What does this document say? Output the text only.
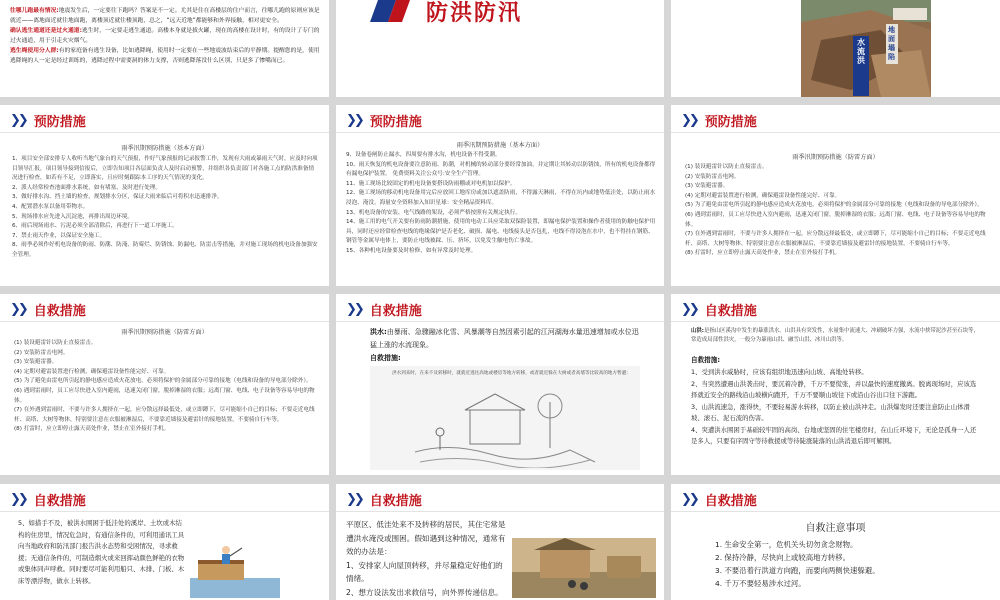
往哪儿跑最有情况:地震发生后，一定要往下跑吗？答案是不一定。尤其是住在高楼层的住户而言，往哪儿跑的原则应该是就近——离地面近就往地面跑，离楼顶近就往楼顶跑，总之，“远天近地”都能够和外界接触，相对更安全。

确认逃生通道还是过火通道:逃生时，一定要走逃生通道。高楼本身就是拔火罐，现在的高楼在设计时，有的设计了专门的过火通道，用于引走火灾烟气。

逃生绳使用分人群:有的家庭备有逃生设备，比如逃降绳，使用时一定要在一些地震波结束后的平静期。提醒您的是，使用逃降绳的人一定是经过训练的，逃降过程中需要洞的体力支撑，否则逃降落没什么区别，只是多了惨嘴而已。

防洪防汛
水流洪
地面塌陷
❯❯ 预防措施
雨季汛期预防措施（基本方面）

1、项目安全部安排专人收听当地气象台的天气预报，作好气象预报的记录报警工作，发现有大雨或暴雨天气时，应及时向项目领导汇报，项目领导接到信报后，立即告知项目各层面负责人及时启动预警，并组织各负责部门对各施工点的防洪准备情况进行检查，如若有不足，立即落实，且应时刻跟踪本工序的天气情况的变化。

2、派人经常检查池面排水系统，如有堵塞，及时进行处理。

3、做好排水沟、挡土墙的检查，规划排水分区，保证大雨来临后可将积水迅速排净。

4、配置潜水泵以备用带物水。

5、现场排水应先进入沉淀池，再排出周边环境。

6、雨后现场雨水、污泥必须全部清除后，再进行下一道工序施工。

7、禁止雨天作业，以保证安全施工。

8、雨季必须作好机电设备的防雨、防潮、防淹、防霉烂、防锈蚀、防漏电、防雷击等措施，并对施工现场的机电设备加强安全管理。

❯❯ 预防措施
雨季汛期预防措施（基本方面）

9、设备卷闸防止漏水，四周要有排水沟，机电设备不得受潮。

10、雨天恢复的机电设备要注意防雨、防潮，对机械的转动部分要经常加油，并定期让其转动以防锈蚀，所有的机电设备都得有漏电保护装置。 免费资料关注公众号:安全生产管理。

11、施工现场比较固定的机电设备要搭设防雨棚或对电机加以保护。

12、施工现场的移动机电设备用完后应放回工地库房或加以遮盖防雨，不得露天淋雨，不得在坑内或地势低洼处，以防止雨水浸泡、淹没。海量安全资料加入知识星球：安全精品资料库。

13、机电设备的安装、电气线路的架设，必须严格按照有关规定执行。

14、施工用的电气开关要有防雨防潮措施，使用的电动工具应采取双保险装置，即漏电保护装置和操作者使用的防触电保护用具，同时还应经常检查电线的绝缘保护是否老化、破损、漏电、电线接头是否包扎，电线不得浸泡在水中，也不得挂在钢筋、钢管等金属导电体上，要防止电线被踩、压、挤坏，以免发生触电伤亡事故。

15、各种机电设备要及时检修，如有异常及时处理。

❯❯ 预防措施
雨季汛期预防措施（防雷方面）

(1) 装设避雷针以防止直接雷击。

(2) 安装防雷击电网。

(3) 安装避雷器。

(4) 定期对避雷装置进行检测，确保避雷设备性能完好、可靠。

(5) 为了避免由雷电所引起的静电感应造成火花放电，必须将保护的金属部分可靠的接地（电线和设备的导电部分除外）。

(6) 遇到雷雨时，员工应尽快进入室内避雨，迅速关闭门窗，脱掉淋湿的衣服；远离门窗、电线、电子设备等容易导电的物体。

(7) 在外遇到雷雨时，不要与许多人拥挤在一起，应分散远择最低处，或立即蹲下，尽可能缩小自己的目标；不要走近电线杆、高塔、大树等物体，特别要注意在衣服被淋湿后，不要靠近墙接及避雷针的接地装置，不要骑自行车等。

(8) 打雷时，应立即停止露天高处作业，禁止在室外接打手机。

❯❯ 自救措施
雨季汛期预防措施（防雷方面）

(1) 装设避雷针以防止直接雷击。

(2) 安装防雷击电网。

(3) 安装避雷器。

(4) 定期对避雷装置进行检测，确保避雷设备性能完好、可靠。

(5) 为了避免由雷电所引起的静电感应造成火花放电，必须将保护的金属部分可靠的接地（电线和设备的导电部分除外）。

(6) 遇到雷雨时，员工应尽快进入室内避雨，迅速关闭门窗，脱掉淋湿的衣服；远离门窗、电线、电子设备等容易导电的物体。

(7) 在外遇到雷雨时，不要与许多人拥挤在一起，应分散远择最低处，或立即蹲下，尽可能缩小自己的目标；不要走近电线杆、高塔、大树等物体，特别要注意在衣服被淋湿后，不要靠近墙接及避雷针的接地装置，不要骑自行车等。

(8) 打雷时，应立即停止露天高处作业，禁止在室外接打手机。

❯❯ 自救措施
洪水:由暴雨、急骤融冰化雪、风暴潮等自然因素引起的江河湖海水量迅速增加或水位迅猛上涨的水流现象。
自救措施:
洪水到来时，在来不及转移时，就就近逃往高地或楼房等地方转移，或者就近躲在大树或者高墙等比较高的地方暂避：
❯❯ 自救措施
山洪:是指山区溪沟中发生的暴涨洪水。山洪具有突发性，水量集中流速大、冲刷破坏力强，水流中挟带泥沙甚至石块等，常造成局部性洪灾，一般分为暴雨山洪、融雪山洪、冰川山洪等。
自救措施:

1、受到洪水威胁时，应该有组织地迅速向山坡、高地处转移。

2、当突然遭遇山洪袭击时，要沉着冷静，千万不要慌张，并以最快的速度撤离。脱离现场时，应该选择就近安全的路线沿山坡横向跑开，千万不要顺山坡往下或沿山谷出口往下游跑。

3、山洪流速急，涨得快，不要轻易游水转移，以防止被山洪冲走。山洪爆发时还要注意防止山体滑坡、滚石、泥石流的伤害。

4、突遭洪水围困于基础较牢固的高岗、台地或坚固的住宅楼房时，在山丘环境下，无论是孤身一人还是多人，只要有序固守等待救援或等待陡涨陡落的山洪消退后即可解围。

❯❯ 自救措施
5、如措手不及，被洪水围困于低洼处的溪岸、土坎或木结构的住房里，情况危急时，有通信条件的，可利用通讯工具向当地政府和防汛部门报告洪水态势和受困情况，寻求救援；无通信条件的，可制造烟火或来回挥动颜色鲜艳的衣物或集体同声呼救。同时要尽可能利用船只、木排、门板、木床等漂浮物，做水上转移。
❯❯ 自救措施

平原区、低洼处来不及转移的居民，其住宅常是遭洪水淹没或围困。假如遇到这种情况，通常有效的办法是：

1、安排家人向屋顶转移，并尽量稳定好他们的情绪。

2、想方设法发出求救信号，向外界传递信息。

❯❯ 自救措施
自救注意事项

1. 生命安全第一，危机关头切勿贪念财物。

2. 保持冷静，尽快向上或较高地方转移。

3. 不要沿着行洪道方向跑，而要向两侧快速躲避。

4. 千万不要轻易涉水过河。
